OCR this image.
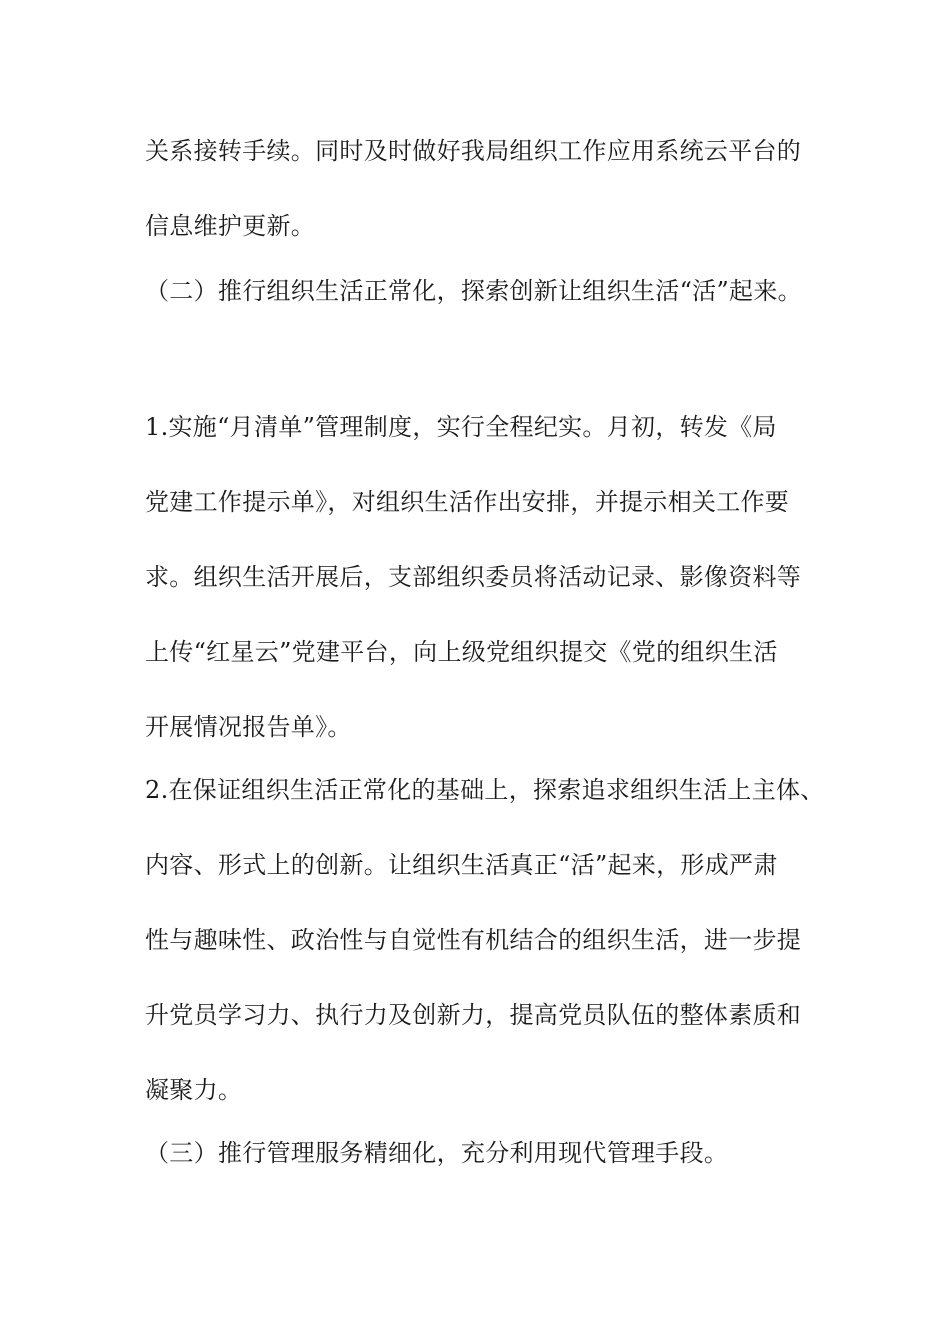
关系接转手续。同时及时做好我局组织工作应用系统云平台的
信息维护更新。
（二）推行组织生活正常化，探索创新让组织生活“活”起来。
1.实施“月清单”管理制度，实行全程纪实。月初，转发《局
党建工作提示单》，对组织生活作出安排，并提示相关工作要
求。组织生活开展后，支部组织委员将活动记录、影像资料等
上传“红星云”党建平台，向上级党组织提交《党的组织生活
开展情况报告单》。
2.在保证组织生活正常化的基础上，探索追求组织生活上主体、
内容、形式上的创新。让组织生活真正“活”起来，形成严肃
性与趣味性、政治性与自觉性有机结合的组织生活，进一步提
升党员学习力、执行力及创新力，提高党员队伍的整体素质和
凝聚力。
（三）推行管理服务精细化，充分利用现代管理手段。
